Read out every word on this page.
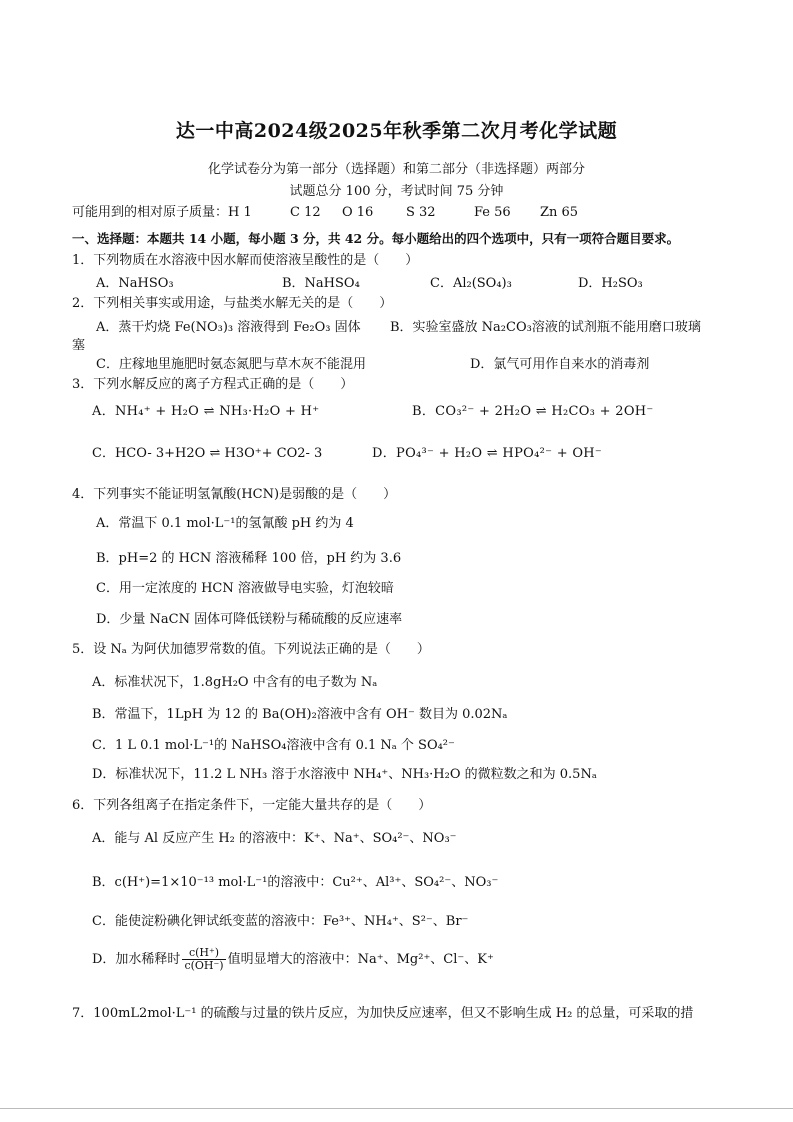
达一中高2024级2025年秋季第二次月考化学试题
化学试卷分为第一部分（选择题）和第二部分（非选择题）两部分
试题总分 100 分，考试时间 75 分钟
可能用到的相对原子质量： H 1	C 12 O 16	S 32	Fe 56 Zn 65
一、选择题：本题共 14 小题，每小题 3 分，共 42 分。每小题给出的四个选项中，只有一项符合题目要求。
1．下列物质在水溶液中因水解而使溶液呈酸性的是（　　）
A．NaHSO₃	B．NaHSO₄	C．Al₂(SO₄)₃	D．H₂SO₃
2．下列相关事实或用途，与盐类水解无关的是（　　）
A．蒸干灼烧 Fe(NO₃)₃ 溶液得到 Fe₂O₃ 固体 B．实验室盛放 Na₂CO₃溶液的试剂瓶不能用磨口玻璃
塞
C．庄稼地里施肥时氨态氮肥与草木灰不能混用	D．氯气可用作自来水的消毒剂
3．下列水解反应的离子方程式正确的是（　　）
A．NH₄⁺ + H₂O ⇌ NH₃·H₂O + H⁺	B．CO₃²⁻ + 2H₂O ⇌ H₂CO₃ + 2OH⁻
C．HCO- 3+H2O ⇌ H3O⁺+ CO2- 3	D．PO₄³⁻ + H₂O ⇌ HPO₄²⁻ + OH⁻
4．下列事实不能证明氢氰酸(HCN)是弱酸的是（　　）
A．常温下 0.1 mol·L⁻¹的氢氰酸 pH 约为 4
B．pH=2 的 HCN 溶液稀释 100 倍，pH 约为 3.6
C．用一定浓度的 HCN 溶液做导电实验，灯泡较暗
D．少量 NaCN 固体可降低镁粉与稀硫酸的反应速率
5．设 Nₐ 为阿伏加德罗常数的值。下列说法正确的是（　　）
A．标准状况下，1.8gH₂O 中含有的电子数为 Nₐ
B．常温下，1LpH 为 12 的 Ba(OH)₂溶液中含有 OH⁻ 数目为 0.02Nₐ
C．1 L 0.1 mol·L⁻¹的 NaHSO₄溶液中含有 0.1 Nₐ 个 SO₄²⁻
D．标准状况下，11.2 L NH₃ 溶于水溶液中 NH₄⁺、NH₃·H₂O 的微粒数之和为 0.5Nₐ
6．下列各组离子在指定条件下，一定能大量共存的是（　　）
A．能与 Al 反应产生 H₂ 的溶液中：K⁺、Na⁺、SO₄²⁻、NO₃⁻
B．c(H⁺)=1×10⁻¹³ mol·L⁻¹的溶液中：Cu²⁺、Al³⁺、SO₄²⁻、NO₃⁻
C．能使淀粉碘化钾试纸变蓝的溶液中：Fe³⁺、NH₄⁺、S²⁻、Br⁻
D．加水稀释时 $\frac{c(H^+)}{c(OH^-)}$ 值明显增大的溶液中：Na⁺、Mg²⁺、Cl⁻、K⁺
7．100mL2mol·L⁻¹ 的硫酸与过量的铁片反应，为加快反应速率，但又不影响生成 H₂ 的总量，可采取的措
